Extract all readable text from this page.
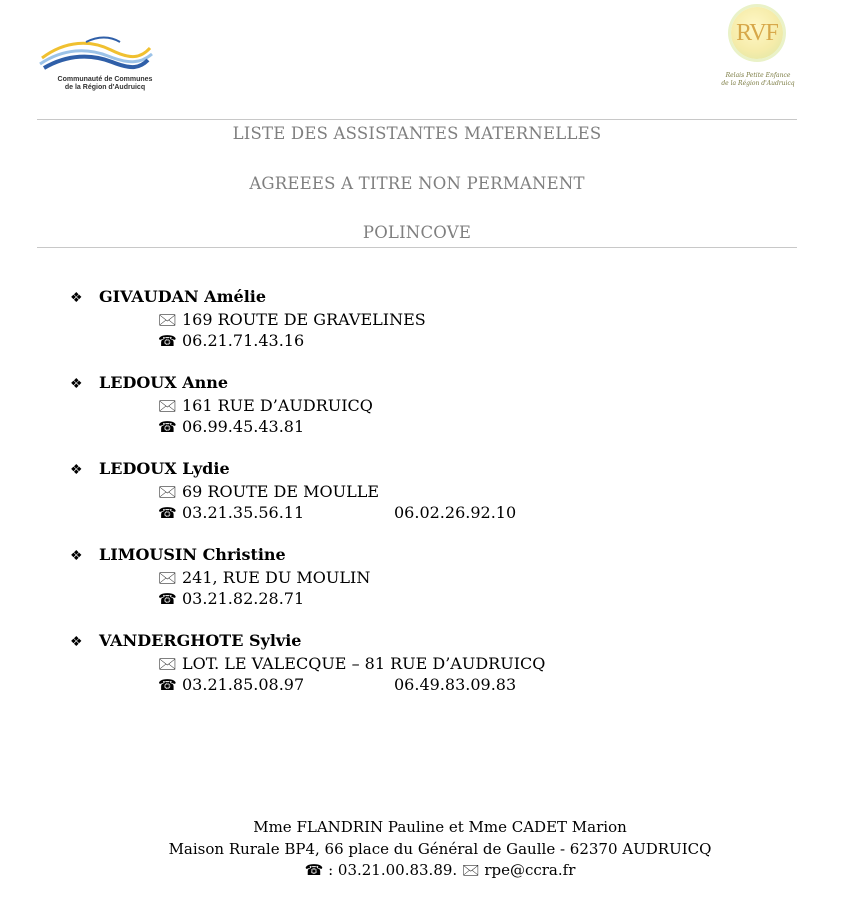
Communauté de Communes
de la Région d'Audruicq
RVF
Relais Petite Enfance
de la Région d'Audruicq
LISTE DES ASSISTANTES MATERNELLES
AGREEES A TITRE NON PERMANENT
POLINCOVE
❖ GIVAUDAN Amélie
🖂 169 ROUTE DE GRAVELINES
☎ 06.21.71.43.16
❖ LEDOUX Anne
🖂 161 RUE D’AUDRUICQ
☎ 06.99.45.43.81
❖ LEDOUX Lydie
🖂 69 ROUTE DE MOULLE
☎ 03.21.35.56.11	06.02.26.92.10
❖ LIMOUSIN Christine
🖂 241, RUE DU MOULIN
☎ 03.21.82.28.71
❖ VANDERGHOTE Sylvie
🖂 LOT. LE VALECQUE – 81 RUE D’AUDRUICQ
☎ 03.21.85.08.97	06.49.83.09.83
Mme FLANDRIN Pauline et Mme CADET Marion
Maison Rurale BP4, 66 place du Général de Gaulle - 62370 AUDRUICQ
☎ : 03.21.00.83.89. 🖂 rpe@ccra.fr
